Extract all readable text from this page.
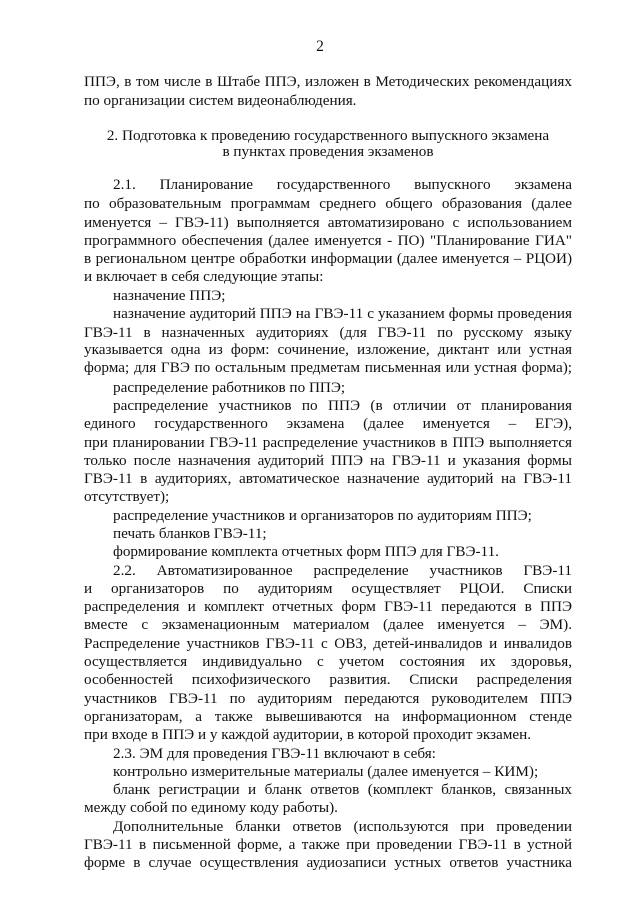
2
ППЭ, в том числе в Штабе ППЭ, изложен в Методических рекомендациях
по организации систем видеонаблюдения.
2. Подготовка к проведению государственного выпускного экзамена
в пунктах проведения экзаменов
2.1. Планирование государственного выпускного экзамена
по образовательным программам среднего общего образования (далее
именуется – ГВЭ-11) выполняется автоматизировано с использованием
программного обеспечения (далее именуется - ПО) "Планирование ГИА"
в региональном центре обработки информации (далее именуется – РЦОИ)
и включает в себя следующие этапы:
назначение ППЭ;
назначение аудиторий ППЭ на ГВЭ-11 с указанием формы проведения
ГВЭ-11 в назначенных аудиториях (для ГВЭ-11 по русскому языку
указывается одна из форм: сочинение, изложение, диктант или устная
форма; для ГВЭ по остальным предметам письменная или устная форма);
распределение работников по ППЭ;
распределение участников по ППЭ (в отличии от планирования
единого государственного экзамена (далее именуется – ЕГЭ),
при планировании ГВЭ-11 распределение участников в ППЭ выполняется
только после назначения аудиторий ППЭ на ГВЭ-11 и указания формы
ГВЭ-11 в аудиториях, автоматическое назначение аудиторий на ГВЭ-11
отсутствует);
распределение участников и организаторов по аудиториям ППЭ;
печать бланков ГВЭ-11;
формирование комплекта отчетных форм ППЭ для ГВЭ-11.
2.2. Автоматизированное распределение участников ГВЭ-11
и организаторов по аудиториям осуществляет РЦОИ. Списки
распределения и комплект отчетных форм ГВЭ-11 передаются в ППЭ
вместе с экзаменационным материалом (далее именуется – ЭМ).
Распределение участников ГВЭ-11 с ОВЗ, детей-инвалидов и инвалидов
осуществляется индивидуально с учетом состояния их здоровья,
особенностей психофизического развития. Списки распределения
участников ГВЭ-11 по аудиториям передаются руководителем ППЭ
организаторам, а также вывешиваются на информационном стенде
при входе в ППЭ и у каждой аудитории, в которой проходит экзамен.
2.3. ЭМ для проведения ГВЭ-11 включают в себя:
контрольно измерительные материалы (далее именуется – КИМ);
бланк регистрации и бланк ответов (комплект бланков, связанных
между собой по единому коду работы).
Дополнительные бланки ответов (используются при проведении
ГВЭ-11 в письменной форме, а также при проведении ГВЭ-11 в устной
форме в случае осуществления аудиозаписи устных ответов участника
